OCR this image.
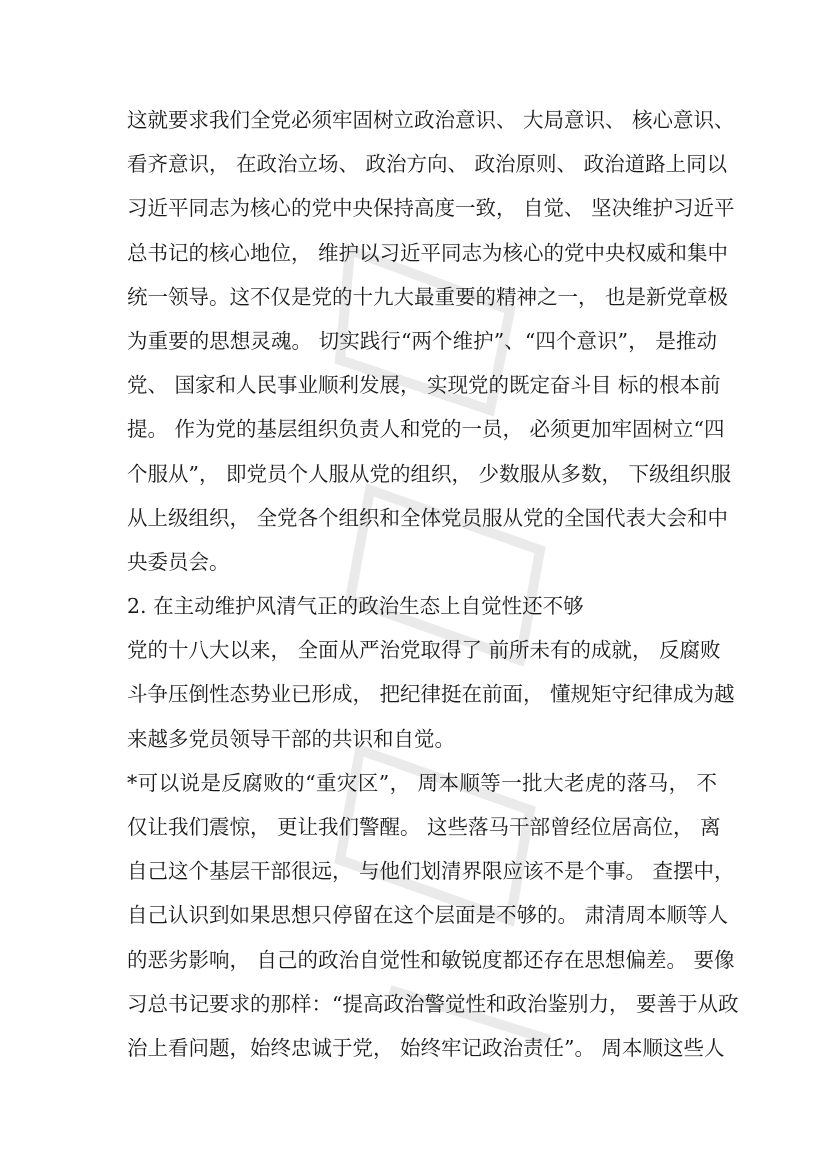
这就要求我们全党必须牢固树立政治意识、 大局意识、 核心意识、
看齐意识， 在政治立场、 政治方向、 政治原则、 政治道路上同以
习近平同志为核心的党中央保持高度一致， 自觉、 坚决维护习近平
总书记的核心地位， 维护以习近平同志为核心的党中央权威和集中
统一领导。这不仅是党的十九大最重要的精神之一， 也是新党章极
为重要的思想灵魂。 切实践行“两个维护”、“四个意识”， 是推动
党、 国家和人民事业顺利发展， 实现党的既定奋斗目 标的根本前
提。 作为党的基层组织负责人和党的一员， 必须更加牢固树立“四
个服从”， 即党员个人服从党的组织， 少数服从多数， 下级组织服
从上级组织， 全党各个组织和全体党员服从党的全国代表大会和中
央委员会。
2. 在主动维护风清气正的政治生态上自觉性还不够
党的十八大以来， 全面从严治党取得了 前所未有的成就， 反腐败
斗争压倒性态势业已形成， 把纪律挺在前面， 懂规矩守纪律成为越
来越多党员领导干部的共识和自觉。
*可以说是反腐败的“重灾区”， 周本顺等一批大老虎的落马， 不
仅让我们震惊， 更让我们警醒。 这些落马干部曾经位居高位， 离
自己这个基层干部很远， 与他们划清界限应该不是个事。 查摆中，
自己认识到如果思想只停留在这个层面是不够的。 肃清周本顺等人
的恶劣影响， 自己的政治自觉性和敏锐度都还存在思想偏差。 要像
习总书记要求的那样：“提高政治警觉性和政治鉴别力， 要善于从政
治上看问题，始终忠诚于党， 始终牢记政治责任”。 周本顺这些人
